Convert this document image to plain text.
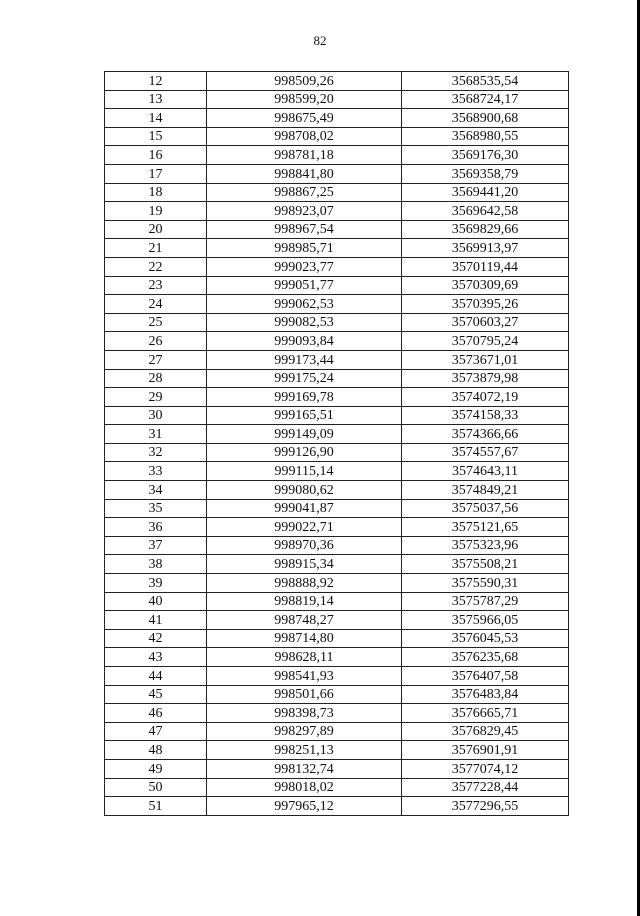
82
12	998509,26	3568535,54
13	998599,20	3568724,17
14	998675,49	3568900,68
15	998708,02	3568980,55
16	998781,18	3569176,30
17	998841,80	3569358,79
18	998867,25	3569441,20
19	998923,07	3569642,58
20	998967,54	3569829,66
21	998985,71	3569913,97
22	999023,77	3570119,44
23	999051,77	3570309,69
24	999062,53	3570395,26
25	999082,53	3570603,27
26	999093,84	3570795,24
27	999173,44	3573671,01
28	999175,24	3573879,98
29	999169,78	3574072,19
30	999165,51	3574158,33
31	999149,09	3574366,66
32	999126,90	3574557,67
33	999115,14	3574643,11
34	999080,62	3574849,21
35	999041,87	3575037,56
36	999022,71	3575121,65
37	998970,36	3575323,96
38	998915,34	3575508,21
39	998888,92	3575590,31
40	998819,14	3575787,29
41	998748,27	3575966,05
42	998714,80	3576045,53
43	998628,11	3576235,68
44	998541,93	3576407,58
45	998501,66	3576483,84
46	998398,73	3576665,71
47	998297,89	3576829,45
48	998251,13	3576901,91
49	998132,74	3577074,12
50	998018,02	3577228,44
51	997965,12	3577296,55
